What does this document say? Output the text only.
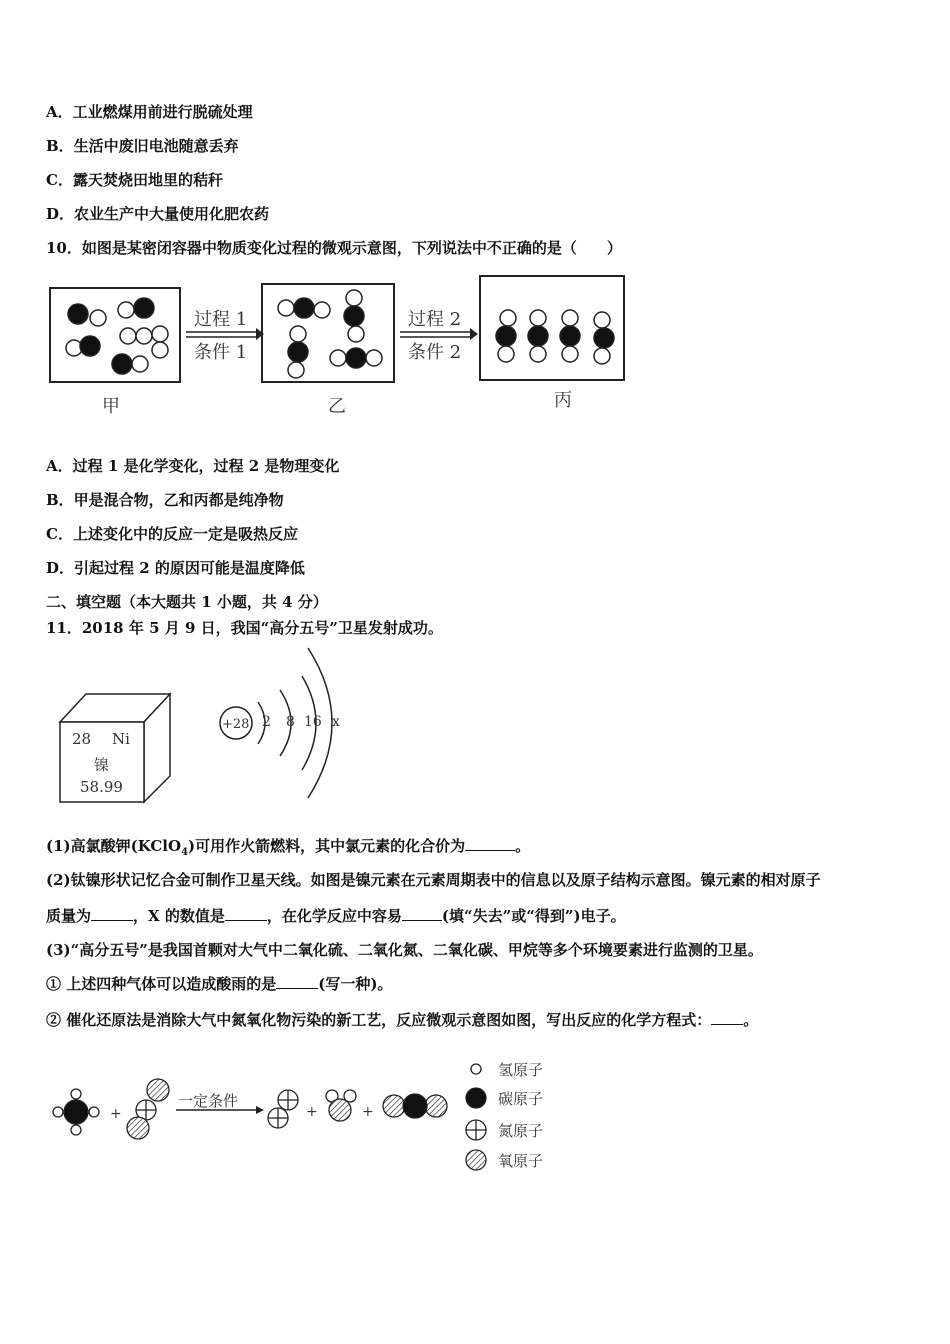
A．工业燃煤用前进行脱硫处理
B．生活中废旧电池随意丢弃
C．露天焚烧田地里的秸秆
D．农业生产中大量使用化肥农药
10．如图是某密闭容器中物质变化过程的微观示意图，下列说法中不正确的是（　　）
甲
过程 1
条件 1
乙
过程 2
条件 2
丙
A．过程 1 是化学变化，过程 2 是物理变化
B．甲是混合物，乙和丙都是纯净物
C．上述变化中的反应一定是吸热反应
D．引起过程 2 的原因可能是温度降低
二、填空题（本大题共 1 小题，共 4 分）
11．2018 年 5 月 9 日，我国“高分五号”卫星发射成功。
28 Ni
镍
58.99
+28 2 8 16 x
(1)高氯酸钾(KClO$_4$)可用作火箭燃料，其中氯元素的化合价为	。
(2)钛镍形状记忆合金可制作卫星天线。如图是镍元素在元素周期表中的信息以及原子结构示意图。镍元素的相对原子
质量为	，X 的数值是	，在化学反应中容易	(填“失去”或“得到”)电子。
(3)“高分五号”是我国首颗对大气中二氧化硫、二氧化氮、二氧化碳、甲烷等多个环境要素进行监测的卫星。
① 上述四种气体可以造成酸雨的是	(写一种)。
② 催化还原法是消除大气中氮氧化物污染的新工艺，反应微观示意图如图，写出反应的化学方程式： 。
+
一定条件
+	+
氢原子
碳原子
氮原子
氧原子
